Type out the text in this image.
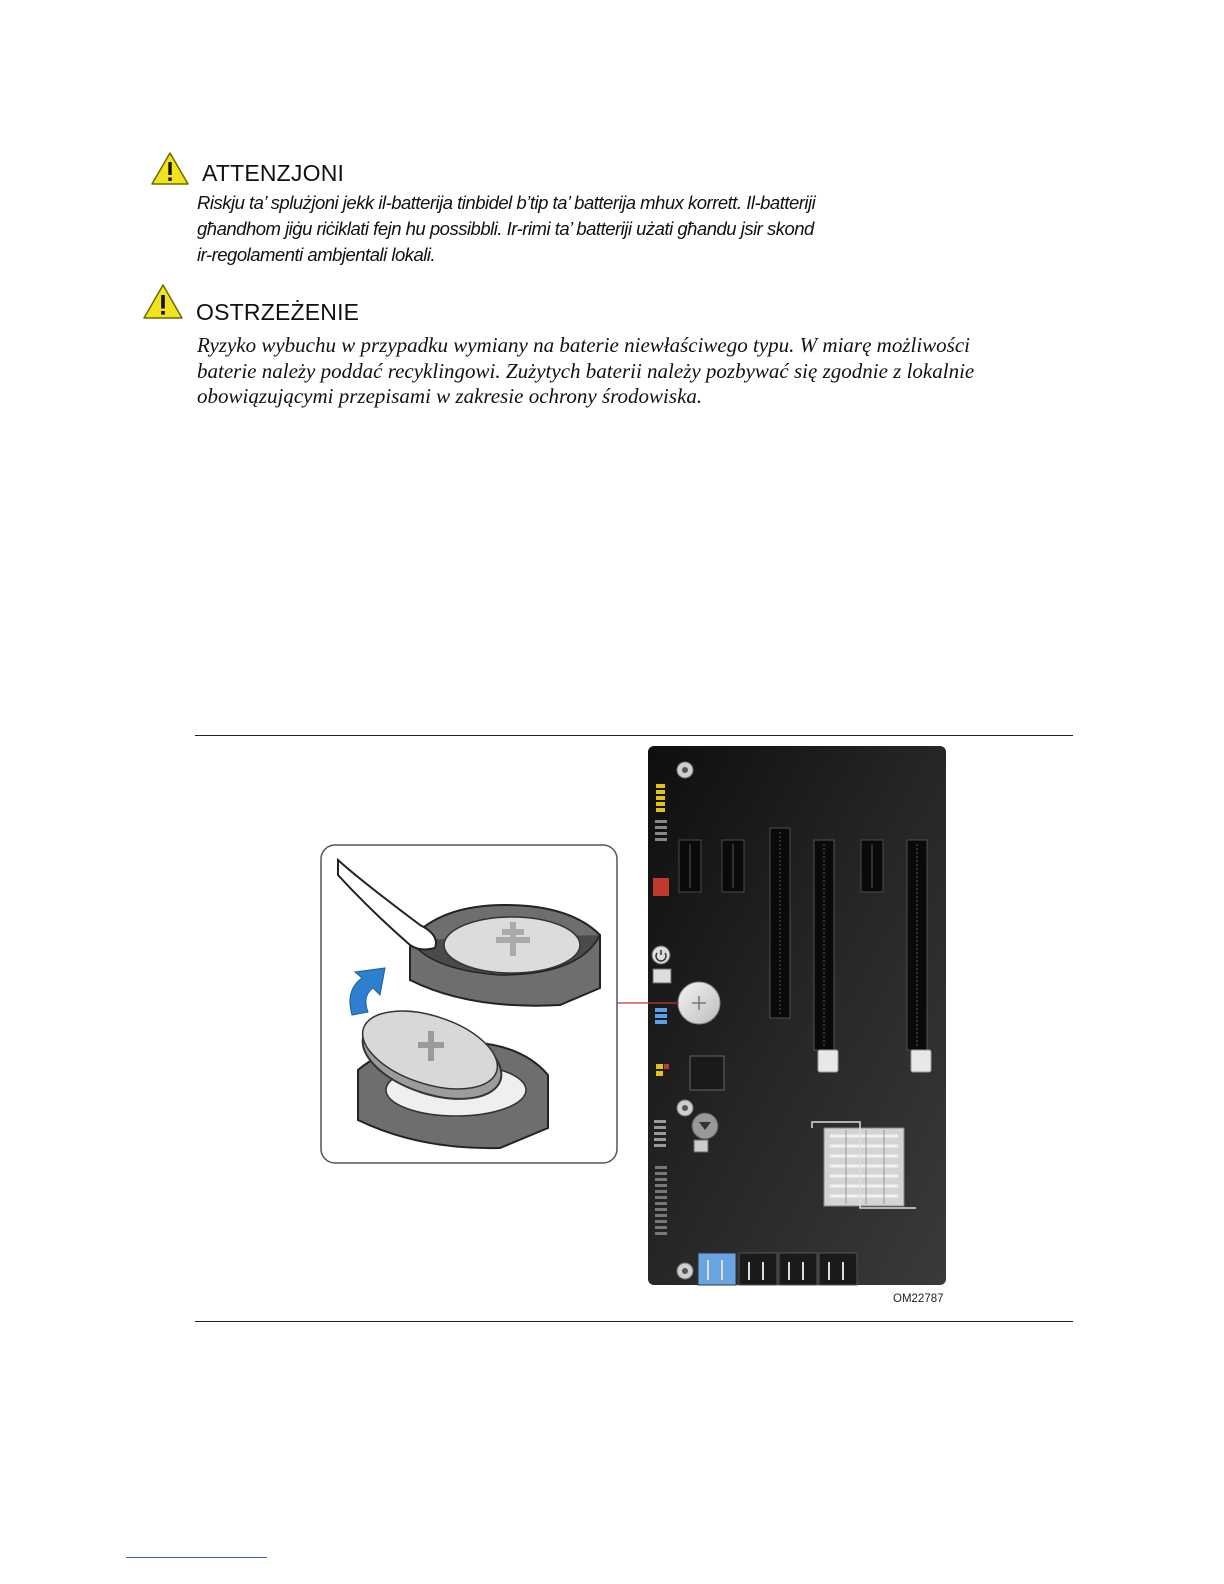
ATTENZJONI
Riskju ta’ splużjoni jekk il-batterija tinbidel b’tip ta’ batterija mhux korrett. Il-batteriji
għandhom jiġu riċiklati fejn hu possibbli. Ir-rimi ta’ batteriji użati għandu jsir skond
ir-regolamenti ambjentali lokali.
OSTRZEŻENIE
Ryzyko wybuchu w przypadku wymiany na baterie niewłaściwego typu. W miarę możliwości
baterie należy poddać recyklingowi. Zużytych baterii należy pozbywać się zgodnie z lokalnie
obowiązującymi przepisami w zakresie ochrony środowiska.
OM22787
